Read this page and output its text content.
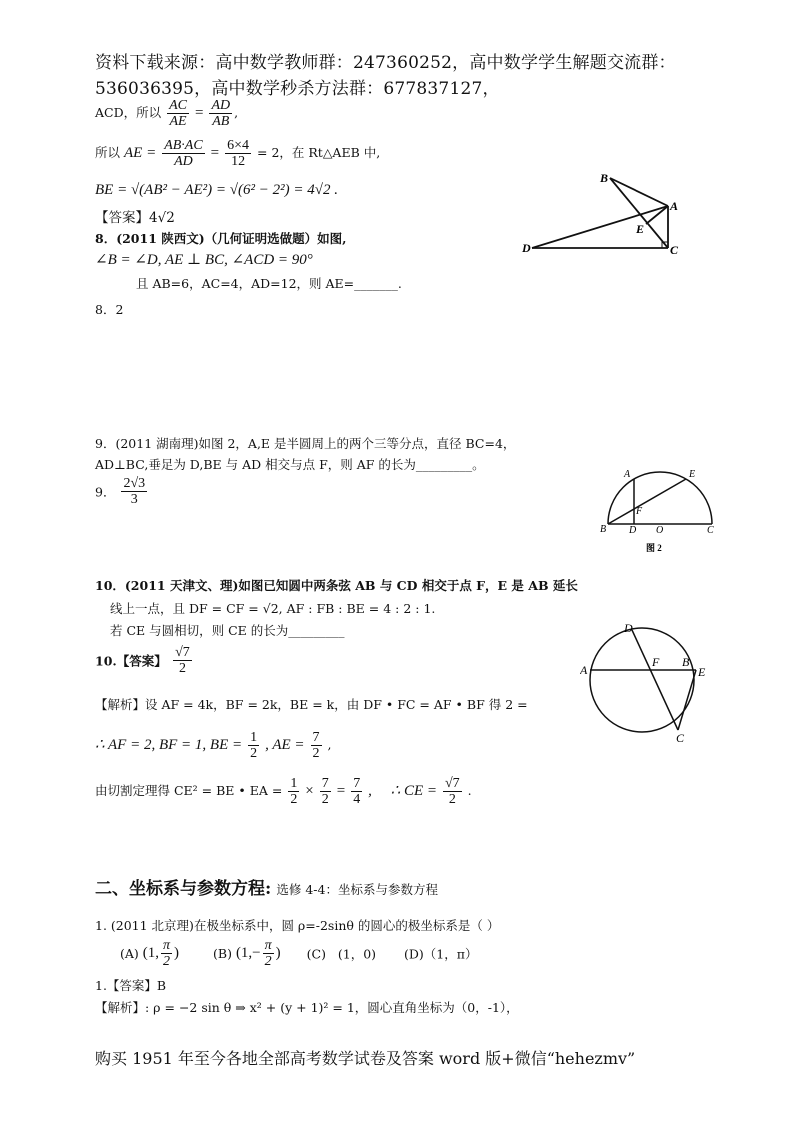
资料下载来源：高中数学教师群：247360252，高中数学学生解题交流群：
536036395，高中数学秒杀方法群：677837127，
ACD，所以 $\frac{AC}{AE} = \frac{AD}{AB}$ ,
所以 AE = $\frac{AB\cdot AC}{AD} = \frac{6\times 4}{12} = 2$，在 Rt△AEB 中,
BE = √(AB² − AE²) = √(6² − 2²) = 4√2 .
【答案】4√2
8．(2011 陕西文)（几何证明选做题）如图,
∠B = ∠D, AE ⊥ BC, ∠ACD = 90°
且 AB=6，AC=4，AD=12，则 AE=_______.
8．2
B
A
E
D	C
9．(2011 湖南理)如图 2，A,E 是半圆周上的两个三等分点，直径 BC=4，
AD⊥BC,垂足为 D,BE 与 AD 相交与点 F，则 AF 的长为_________。
9． $\frac{2√3}{3}$
A	E
F
B D O	C
图 2
10．(2011 天津文、理)如图已知圆中两条弦 AB 与 CD 相交于点 F，E 是 AB 延长
线上一点，且 DF = CF = √2, AF : FB : BE = 4 : 2 : 1.
若 CE 与圆相切，则 CE 的长为_________
10.【答案】 $\frac{√7}{2}$
【解析】设 AF = 4k，BF = 2k，BE = k，由 DF • FC = AF • BF 得 2 =
∴ AF = 2, BF = 1, BE = $\frac{1}{2}$ , AE = $\frac{7}{2}$ ,
由切割定理得 CE² = BE • EA = $\frac{1}{2} \times \frac{7}{2} = \frac{7}{4}$ ,     ∴ CE = $\frac{√7}{2}$ .
A
D
F B
E
C
二、坐标系与参数方程: 选修 4-4：坐标系与参数方程
1. (2011 北京理)在极坐标系中，圆 ρ=-2sinθ 的圆心的极坐标系是（ ）
(A) (1, $\frac{\pi}{2}$ )	(B) ($1,- \frac{\pi}{2}$ ) (C)   (1，0) (D)（1，π）
1.【答案】B
【解析】: ρ = −2 sin θ ⇒ x² + (y + 1)² = 1，圆心直角坐标为（0，-1），
购买 1951 年至今各地全部高考数学试卷及答案 word 版+微信“hehezmv”
